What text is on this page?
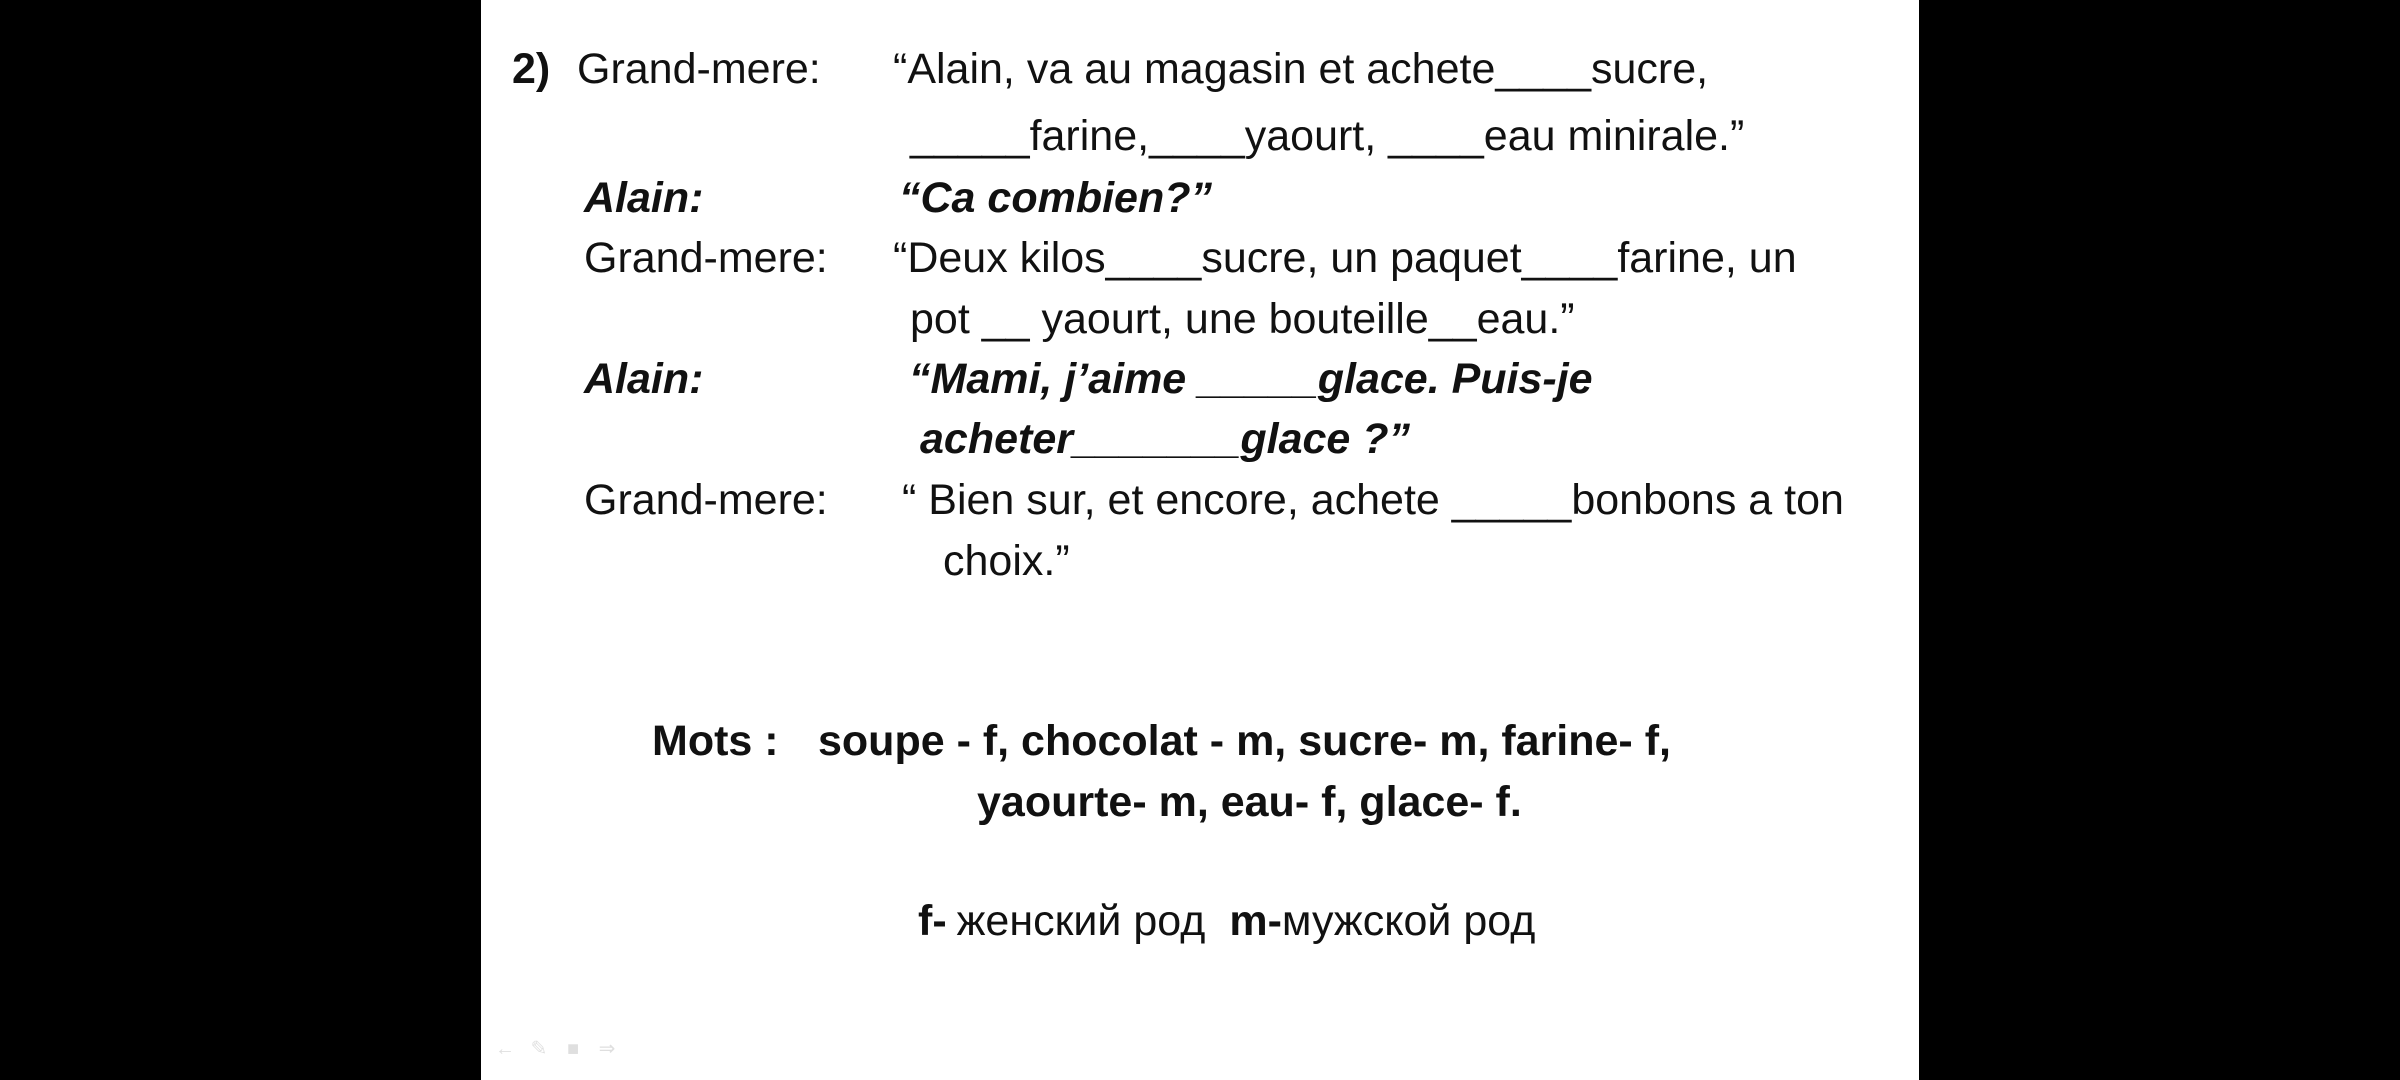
2) Grand-mere: “Alain, va au magasin et achete____sucre,
_____farine,____yaourt, ____eau minirale.”
Alain:	“Ca combien?”
Grand-mere: “Deux kilos____sucre, un paquet____farine, un
pot __ yaourt, une bouteille__eau.”
Alain:	“Mami, j’aime _____glace. Puis-je
acheter_______glace ?”
Grand-mere: “ Bien sur, et encore, achete _____bonbons a ton
choix.”
Mots : soupe - f, chocolat - m, sucre- m, farine- f,
yaourte- m, eau- f, glace- f.
f- женский род m-мужской род
← ✎ ■ ⇒
